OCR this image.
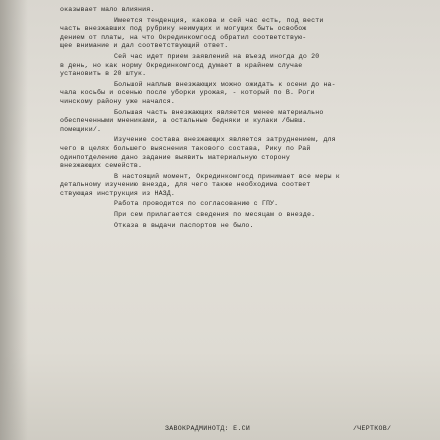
оказывает мало влияния.

Имеется тенденция, какова и сей час есть, под вести
часть внезжавших под рубрику неимущих и могущих быть освобож
дением от платы, на что Окрединкомгосд обратил соответствую-
щее внимание и дал соответствующий ответ.

Сей час идет прием заявлений на въезд иногда до 20
в день, но как норму Окрединкомгосд думает в крайнем случае
установить в 20 штук.

Большой наплыв внезжающих можно ожидать к осени до на-
чала косьбы и осенью после уборки урожая, - который по В. Роги
чинскому району уже начался.

Большая часть внезжающих является менее материально
обеспеченными мнениками, а остальные бедняки и кулаки /бывш.
помещики/.

Изучение состава внезжающих является затруднением, для
чего в целях большего выяснения такового состава, Рику по Рай
одинпотделению дано задание выявить материальную сторону
внезжающих семейств.

В настоящий момент, Окрединкомгосд принимает все меры к
детальному изучению внезда, для чего также необходима соответ
ствующая инструкция из НАЗД.

Работа проводится по согласованию с ГПУ.

При сем прилагается сведения по месяцам о внезде.

Отказа в выдачи паспортов не было.

ЗАВОКРАДМИНОТД: Е.СИ	/ЧЕРТКОВ/
